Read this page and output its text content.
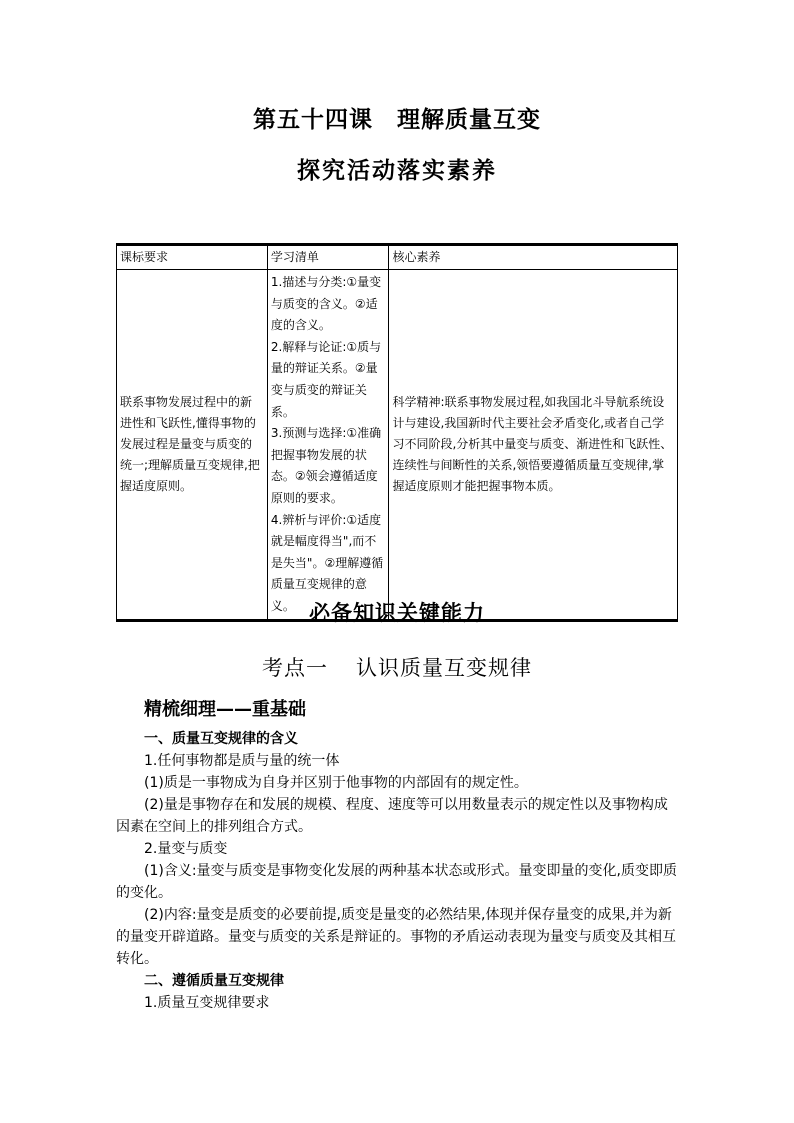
第五十四课　理解质量互变
探究活动落实素养
课标要求	学习清单	核心素养
联系事物发展过程中的新进性和飞跃性,懂得事物的发展过程是量变与质变的统一;理解质量互变规律,把握适度原则。	1.描述与分类:①量变与质变的含义。②适度的含义。
2.解释与论证:①质与量的辩证关系。②量变与质变的辩证关系。
3.预测与选择:①准确把握事物发展的状态。②领会遵循适度原则的要求。
4.辨析与评价:①适度就是幅度得当",而不是失当"。②理解遵循质量互变规律的意义。	科学精神:联系事物发展过程,如我国北斗导航系统设计与建设,我国新时代主要社会矛盾变化,或者自己学习不同阶段,分析其中量变与质变、渐进性和飞跃性、连续性与间断性的关系,领悟要遵循质量互变规律,掌握适度原则才能把握事物本质。
必备知识关键能力
考点一 认识质量互变规律
精梳细理——重基础

一、质量互变规律的含义

1.任何事物都是质与量的统一体

(1)质是一事物成为自身并区别于他事物的内部固有的规定性。

(2)量是事物存在和发展的规模、程度、速度等可以用数量表示的规定性以及事物构成因素在空间上的排列组合方式。

2.量变与质变

(1)含义:量变与质变是事物变化发展的两种基本状态或形式。量变即量的变化,质变即质的变化。

(2)内容:量变是质变的必要前提,质变是量变的必然结果,体现并保存量变的成果,并为新的量变开辟道路。量变与质变的关系是辩证的。事物的矛盾运动表现为量变与质变及其相互转化。

二、遵循质量互变规律

1.质量互变规律要求
